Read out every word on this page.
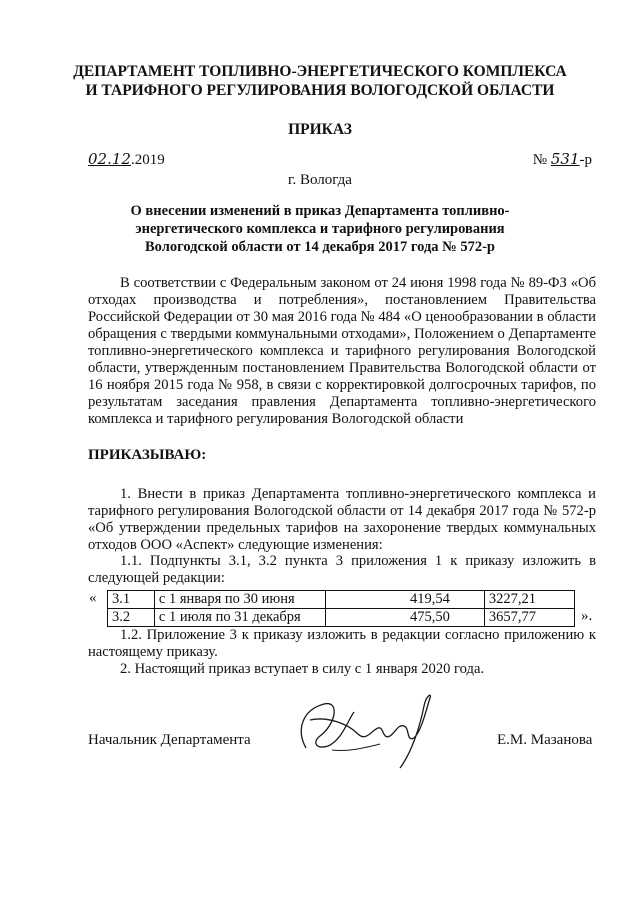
ДЕПАРТАМЕНТ ТОПЛИВНО-ЭНЕРГЕТИЧЕСКОГО КОМПЛЕКСА
И ТАРИФНОГО РЕГУЛИРОВАНИЯ ВОЛОГОДСКОЙ ОБЛАСТИ
ПРИКАЗ
02.12.2019	№ 531-р
г. Вологда
О внесении изменений в приказ Департамента топливно-энергетического комплекса и тарифного регулирования Вологодской области от 14 декабря 2017 года № 572-р

В соответствии с Федеральным законом от 24 июня 1998 года № 89-ФЗ «Об отходах производства и потребления», постановлением Правительства Российской Федерации от 30 мая 2016 года № 484 «О ценообразовании в области обращения с твердыми коммунальными отходами», Положением о Департаменте топливно-энергетического комплекса и тарифного регулирования Вологодской области, утвержденным постановлением Правительства Вологодской области от 16 ноября 2015 года № 958, в связи с корректировкой долгосрочных тарифов, по результатам заседания правления Департамента топливно-энергетического комплекса и тарифного регулирования Вологодской области

ПРИКАЗЫВАЮ:

1. Внести в приказ Департамента топливно-энергетического комплекса и тарифного регулирования Вологодской области от 14 декабря 2017 года № 572-р «Об утверждении предельных тарифов на захоронение твердых коммунальных отходов ООО «Аспект» следующие изменения:

1.1. Подпункты 3.1, 3.2 пункта 3 приложения 1 к приказу изложить в следующей редакции:

« 3.1	с 1 января по 30 июня	419,54	3227,21
3.2	с 1 июля по 31 декабря	475,50	3657,77	».

1.2. Приложение 3 к приказу изложить в редакции согласно приложению к настоящему приказу.

2. Настоящий приказ вступает в силу с 1 января 2020 года.

Начальник Департамента	Е.М. Мазанова
